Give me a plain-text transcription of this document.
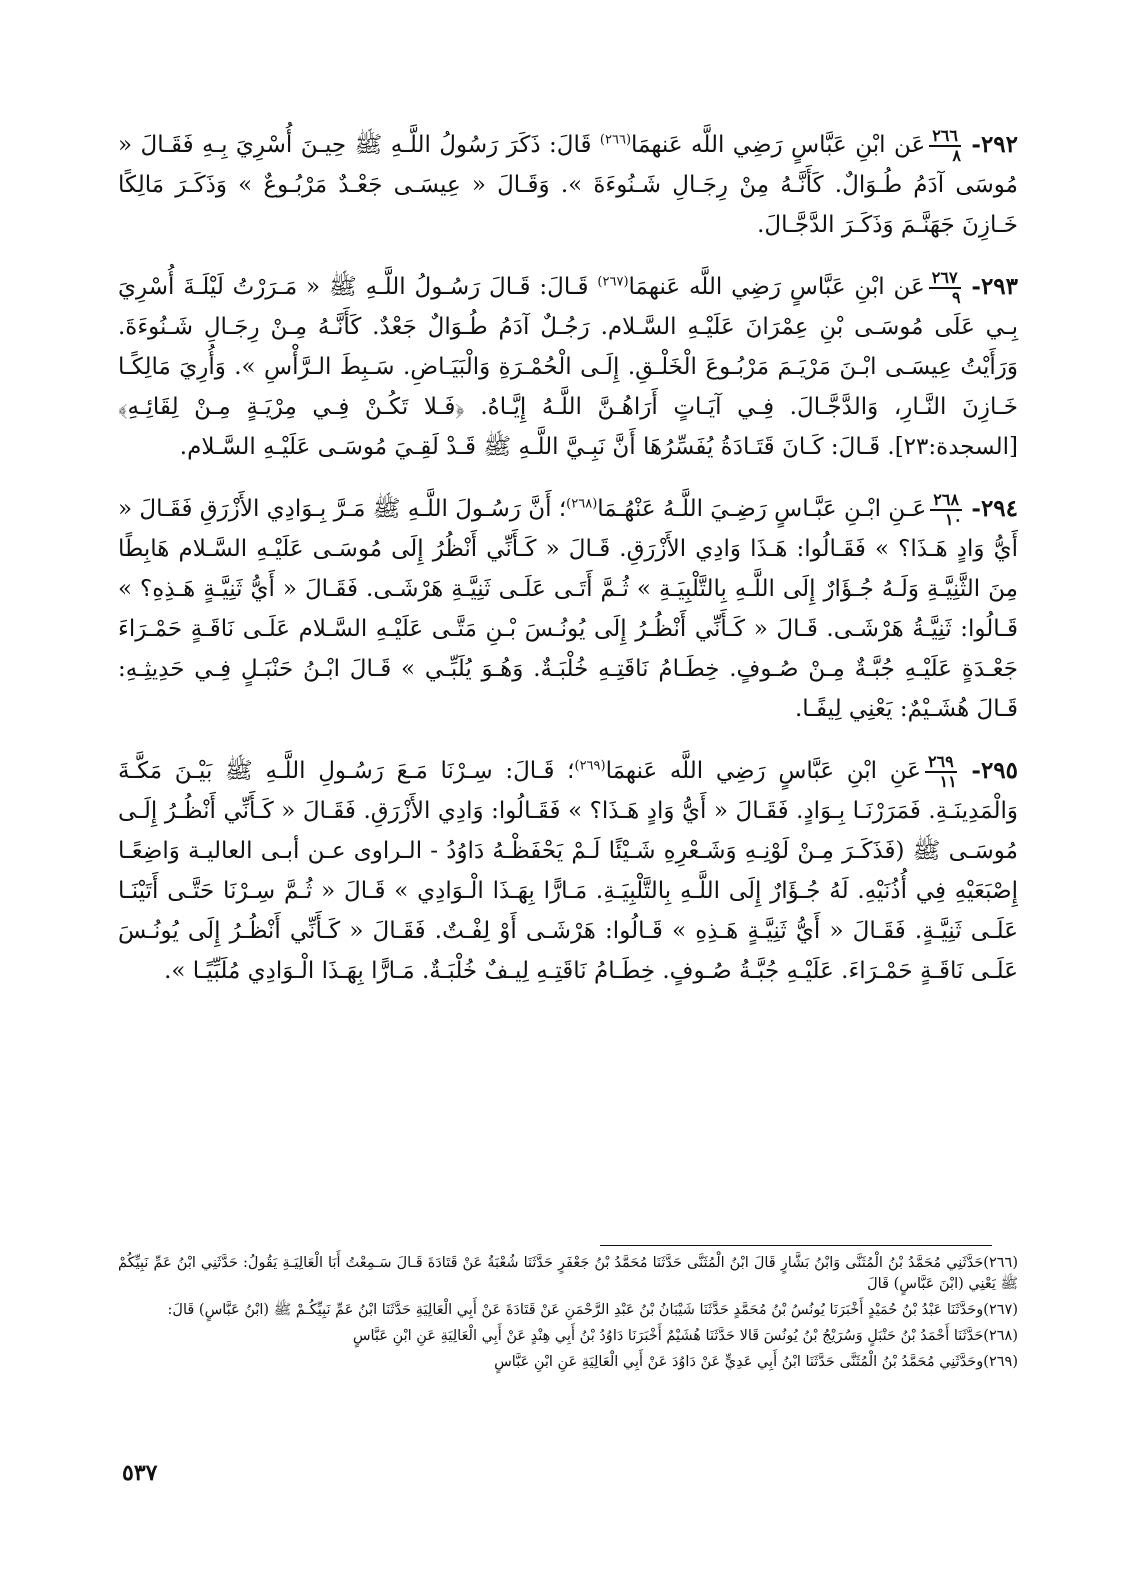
٢٩٢-
$\frac{٢٦٦}{٨}$
عَن ابْنِ عَبَّاسٍ رَضِي اللَّه عَنهمَا$^{(٢٦٦)}$ قَالَ: ذَكَرَ رَسُولُ اللَّـهِ ﷺ حِيـنَ أُسْرِيَ بِـهِ فَقَـالَ « مُوسَى آدَمُ طُـوَالٌ. كَأَنَّـهُ مِنْ رِجَـالِ شَـنُوءَةَ ». وَقَـالَ « عِيسَـى جَعْـدٌ مَرْبُـوعٌ » وَذَكَـرَ مَالِكًا خَـازِنَ جَهَنَّـمَ وَذَكَـرَ الدَّجَّـالَ.

٢٩٣-
$\frac{٢٦٧}{٩}$
عَن ابْنِ عَبَّاسٍ رَضِي اللَّه عَنهمَا$^{(٢٦٧)}$ قَـالَ: قَـالَ رَسُـولُ اللَّـهِ ﷺ « مَـرَرْتُ لَيْلَـةَ أُسْرِيَ بِـي عَلَى مُوسَـى بْنِ عِمْرَانَ عَلَيْـهِ السَّـلام. رَجُـلٌ آدَمُ طُـوَالٌ جَعْدٌ. كَأَنَّـهُ مِـنْ رِجَـالِ شَـنُوءَةَ. وَرَأَيْتُ عِيسَـى ابْـنَ مَرْيَـمَ مَرْبُـوعَ الْخَلْـقِ. إِلَـى الْحُمْـرَةِ وَالْبَيَـاضِ. سَـبِطَ الـرَّأْسِ ». وَأُرِيَ مَالِكًـا خَـازِنَ النَّـارِ، وَالدَّجَّـالَ. فِـي آيَـاتٍ أَرَاهُـنَّ اللَّـهُ إِيَّـاهُ. ﴿فَـلا تَكُـنْ فِـي مِرْيَـةٍ مِـنْ لِقَائِـهِ﴾ [السجدة:٢٣]. قَـالَ: كَـانَ قَتَـادَةُ يُفَسِّرُهَا أَنَّ نَبِـيَّ اللَّـهِ ﷺ قَـدْ لَقِـيَ مُوسَـى عَلَيْـهِ السَّـلام.

٢٩٤-
$\frac{٢٦٨}{١٠}$
عَـنِ ابْـنِ عَبَّـاسٍ رَضِـيَ اللَّـهُ عَنْهُـمَا$^{(٢٦٨)}$؛ أَنَّ رَسُـولَ اللَّـهِ ﷺ مَـرَّ بِـوَادِي الأَزْرَقِ فَقَـالَ « أَيُّ وَادٍ هَـذَا؟ » فَقَـالُوا: هَـذَا وَادِي الأَزْرَقِ. قَـالَ « كَـأَنِّي أَنْظُرُ إِلَى مُوسَـى عَلَيْـهِ السَّـلام هَابِطًا مِنَ الثَّنِيَّـةِ وَلَـهُ جُـؤَارٌ إِلَى اللَّـهِ بِالتَّلْبِيَـةِ » ثُـمَّ أَتَـى عَلَـى ثَنِيَّـةِ هَرْشَـى. فَقَـالَ « أَيُّ ثَنِيَّـةٍ هَـذِهِ؟ » قَـالُوا: ثَنِيَّـةُ هَرْشَـى. قَـالَ « كَـأَنِّي أَنْظُـرُ إِلَى يُونُـسَ بْـنِ مَتَّـى عَلَيْـهِ السَّـلام عَلَـى نَاقَـةٍ حَمْـرَاءَ جَعْـدَةٍ عَلَيْـهِ جُبَّـةٌ مِـنْ صُـوفٍ. خِطَـامُ نَاقَتِـهِ خُلْبَـةٌ. وَهُـوَ يُلَبِّـي » قَـالَ ابْـنُ حَنْبَـلٍ فِـي حَدِيثِـهِ: قَـالَ هُشَـيْمٌ: يَعْنِي لِيفًـا.

٢٩٥-
$\frac{٢٦٩}{١١}$
عَنِ ابْنِ عَبَّاسٍ رَضِي اللَّه عَنهمَا$^{(٢٦٩)}$؛ قَـالَ: سِـرْنَا مَـعَ رَسُـولِ اللَّـهِ ﷺ بَيْـنَ مَكَّـةَ وَالْمَدِينَـةِ. فَمَرَرْنَـا بِـوَادٍ. فَقَـالَ « أَيُّ وَادٍ هَـذَا؟ » فَقَـالُوا: وَادِي الأَزْرَقِ. فَقَـالَ « كَـأَنِّي أَنْظُـرُ إِلَـى مُوسَـى ﷺ (فَذَكَـرَ مِـنْ لَوْنِـهِ وَشَـعْرِهِ شَـيْئًا لَـمْ يَحْفَظْـهُ دَاوُدُ - الـراوى عـن أبـى العاليـة وَاضِعًـا إِصْبَعَيْهِ فِي أُذُنَيْهِ. لَهُ جُـؤَارٌ إِلَى اللَّـهِ بِالتَّلْبِيَـةِ. مَـارًّا بِهَـذَا الْـوَادِي » قَـالَ « ثُـمَّ سِـرْنَا حَتَّـى أَتَيْنَـا عَلَـى ثَنِيَّـةٍ. فَقَـالَ « أَيُّ ثَنِيَّـةٍ هَـذِهِ » قَـالُوا: هَرْشَـى أَوْ لِفْـتٌ. فَقَـالَ « كَـأَنِّي أَنْظُـرُ إِلَى يُونُـسَ عَلَـى نَاقَـةٍ حَمْـرَاءَ. عَلَيْـهِ جُبَّـةُ صُـوفٍ. خِطَـامُ نَاقَتِـهِ لِيـفٌ خُلْبَـةٌ. مَـارًّا بِهَـذَا الْـوَادِي مُلَبِّيًـا ».

(٢٦٦)حَدَّثَنِي مُحَمَّدُ بْنُ الْمُثَنَّى وَابْنُ بَشَّارٍ قَالَ ابْنُ الْمُثَنَّى حَدَّثَنَا مُحَمَّدُ بْنُ جَعْفَرٍ حَدَّثَنَا شُعْبَةُ عَنْ قَتَادَةَ قَـالَ سَـمِعْتُ أَبَا الْعَالِيَـةِ يَقُولُ: حَدَّثَنِي ابْنُ عَمِّ نَبِيِّكُمْ ﷺ يَعْنِي (ابْنَ عَبَّاسٍ) قَالَ

(٢٦٧)وحَدَّثَنَا عَبْدُ بْنُ حُمَيْدٍ أَخْبَرَنَا يُونُسُ بْنُ مُحَمَّدٍ حَدَّثَنَا شَيْبَانُ بْنُ عَبْدِ الرَّحْمَنِ عَنْ قَتَادَةَ عَنْ أَبِي الْعَالِيَةِ حَدَّثَنَا ابْنُ عَمِّ نَبِيِّكُـمْ ﷺ (ابْنُ عَبَّاسٍ) قَالَ:

(٢٦٨)حَدَّثَنَا أَحْمَدُ بْنُ حَنْبَلٍ وَسُرَيْجُ بْنُ يُونُسَ قَالا حَدَّثَنَا هُشَيْمٌ أَخْبَرَنَا دَاوُدُ بْنُ أَبِي هِنْدٍ عَنْ أَبِي الْعَالِيَةِ عَنِ ابْنِ عَبَّاسٍ

(٢٦٩)وحَدَّثَنِي مُحَمَّدُ بْنُ الْمُثَنَّى حَدَّثَنَا ابْنُ أَبِي عَدِيٍّ عَنْ دَاوُدَ عَنْ أَبِي الْعَالِيَةِ عَنِ ابْنِ عَبَّاسٍ

٥٣٧
